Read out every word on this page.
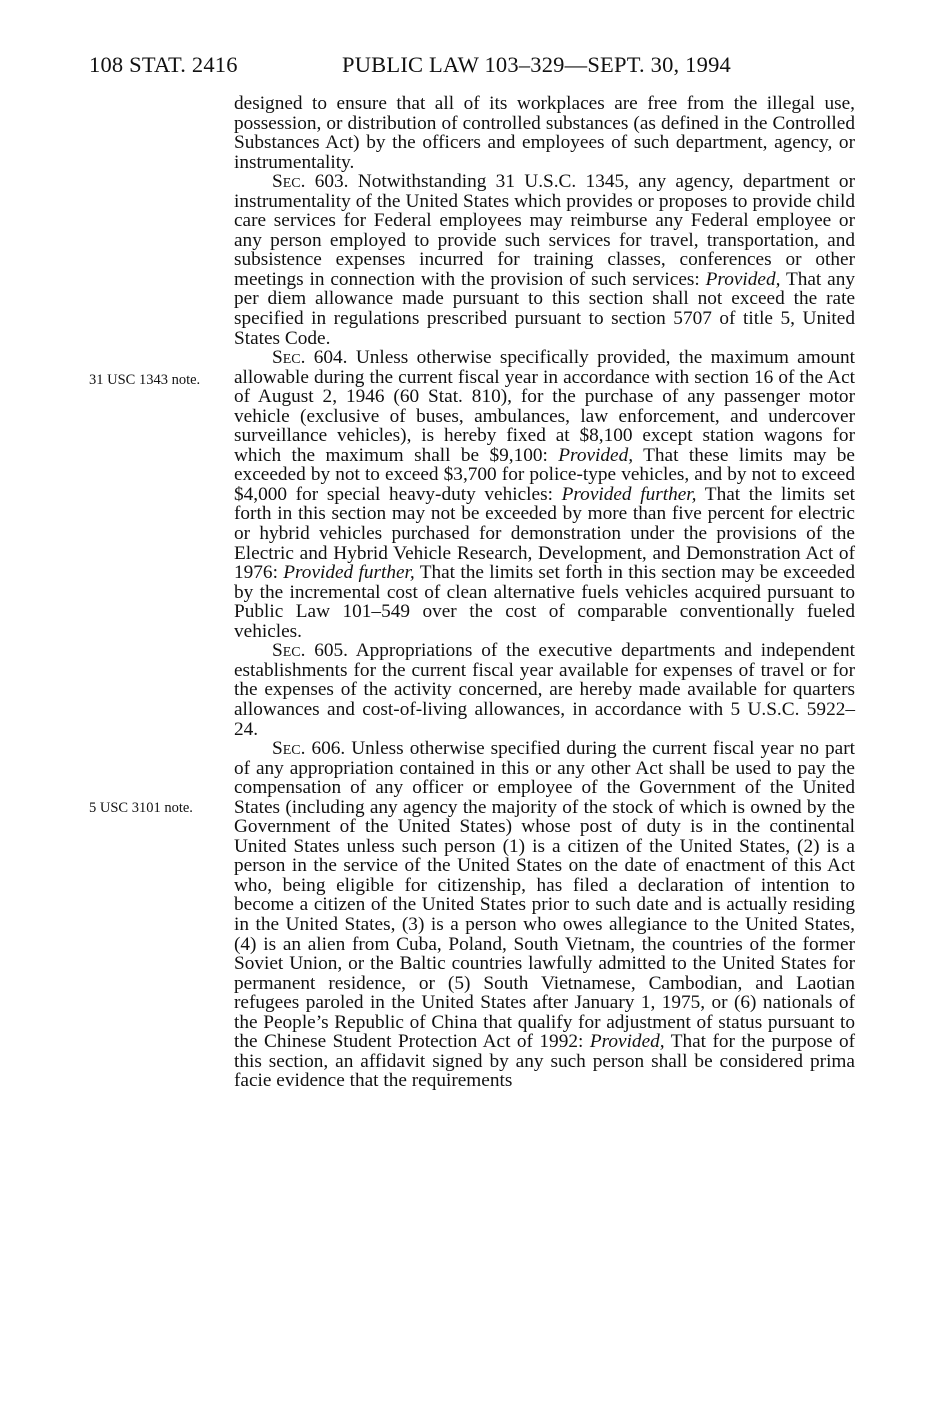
108 STAT. 2416	PUBLIC LAW 103–329—SEPT. 30, 1994
31 USC 1343 note.
5 USC 3101 note.

designed to ensure that all of its workplaces are free from the illegal use, possession, or distribution of controlled substances (as defined in the Controlled Substances Act) by the officers and employees of such department, agency, or instrumentality.

Sec. 603. Notwithstanding 31 U.S.C. 1345, any agency, department or instrumentality of the United States which provides or proposes to provide child care services for Federal employees may reimburse any Federal employee or any person employed to provide such services for travel, transportation, and subsistence expenses incurred for training classes, conferences or other meetings in connection with the provision of such services: Provided, That any per diem allowance made pursuant to this section shall not exceed the rate specified in regulations prescribed pursuant to section 5707 of title 5, United States Code.

Sec. 604. Unless otherwise specifically provided, the maximum amount allowable during the current fiscal year in accordance with section 16 of the Act of August 2, 1946 (60 Stat. 810), for the purchase of any passenger motor vehicle (exclusive of buses, ambulances, law enforcement, and undercover surveillance vehicles), is hereby fixed at $8,100 except station wagons for which the maximum shall be $9,100: Provided, That these limits may be exceeded by not to exceed $3,700 for police-type vehicles, and by not to exceed $4,000 for special heavy-duty vehicles: Provided further, That the limits set forth in this section may not be exceeded by more than five percent for electric or hybrid vehicles purchased for demonstration under the provisions of the Electric and Hybrid Vehicle Research, Development, and Demonstration Act of 1976: Provided further, That the limits set forth in this section may be exceeded by the incremental cost of clean alternative fuels vehicles acquired pursuant to Public Law 101–549 over the cost of comparable conventionally fueled vehicles.

Sec. 605. Appropriations of the executive departments and independent establishments for the current fiscal year available for expenses of travel or for the expenses of the activity concerned, are hereby made available for quarters allowances and cost-of-living allowances, in accordance with 5 U.S.C. 5922–24.

Sec. 606. Unless otherwise specified during the current fiscal year no part of any appropriation contained in this or any other Act shall be used to pay the compensation of any officer or employee of the Government of the United States (including any agency the majority of the stock of which is owned by the Government of the United States) whose post of duty is in the continental United States unless such person (1) is a citizen of the United States, (2) is a person in the service of the United States on the date of enactment of this Act who, being eligible for citizenship, has filed a declaration of intention to become a citizen of the United States prior to such date and is actually residing in the United States, (3) is a person who owes allegiance to the United States, (4) is an alien from Cuba, Poland, South Vietnam, the countries of the former Soviet Union, or the Baltic countries lawfully admitted to the United States for permanent residence, or (5) South Vietnamese, Cambodian, and Laotian refugees paroled in the United States after January 1, 1975, or (6) nationals of the People’s Republic of China that qualify for adjustment of status pursuant to the Chinese Student Protection Act of 1992: Provided, That for the purpose of this section, an affidavit signed by any such person shall be considered prima facie evidence that the requirements
